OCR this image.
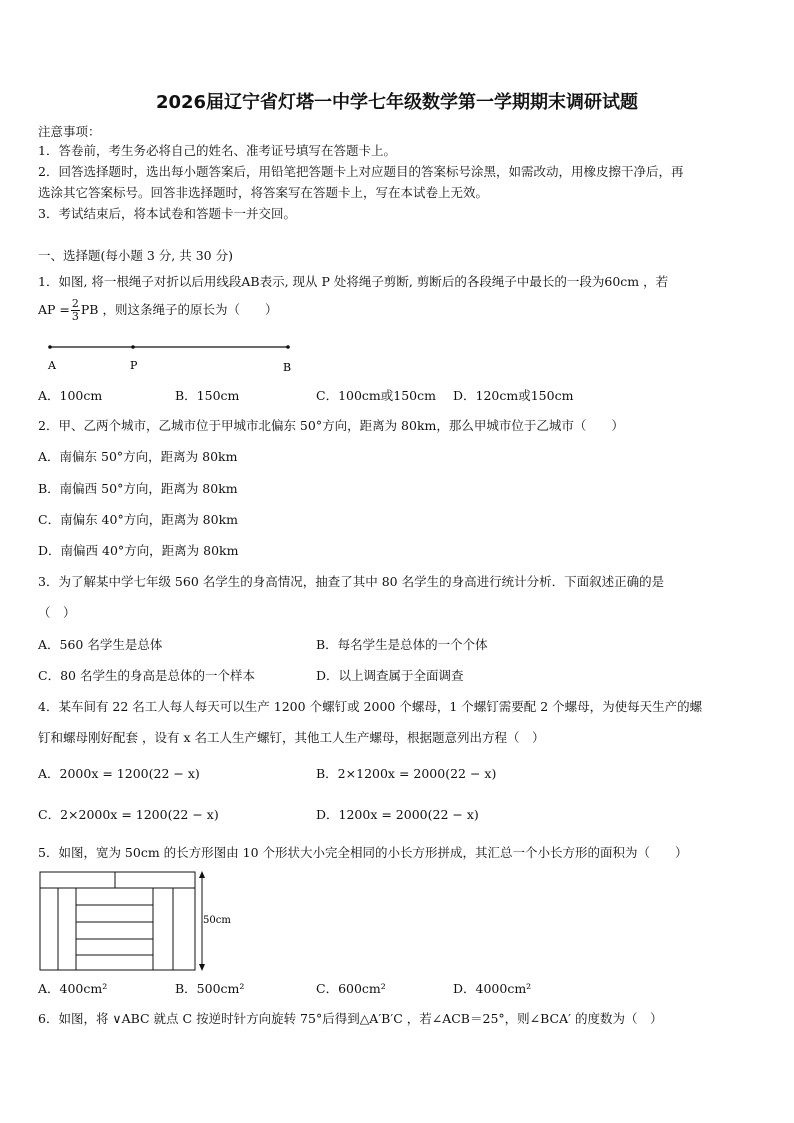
2026届辽宁省灯塔一中学七年级数学第一学期期末调研试题
注意事项：
1．答卷前，考生务必将自己的姓名、准考证号填写在答题卡上。
2．回答选择题时，选出每小题答案后，用铅笔把答题卡上对应题目的答案标号涂黑，如需改动，用橡皮擦干净后，再
选涂其它答案标号。回答非选择题时，将答案写在答题卡上，写在本试卷上无效。
3．考试结束后，将本试卷和答题卡一并交回。
一、选择题(每小题 3 分, 共 30 分)
1．如图, 将一根绳子对折以后用线段AB表示, 现从 P 处将绳子剪断, 剪断后的各段绳子中最长的一段为60cm ，若
AP = $\frac{2}{3}$ PB ，则这条绳子的原长为（　　）
A	P	B
A．100cm	B．150cm	C．100cm或150cm D．120cm或150cm
2．甲、乙两个城市，乙城市位于甲城市北偏东 50°方向，距离为 80km，那么甲城市位于乙城市（　　）
A．南偏东 50°方向，距离为 80km
B．南偏西 50°方向，距离为 80km
C．南偏东 40°方向，距离为 80km
D．南偏西 40°方向，距离为 80km
3．为了解某中学七年级 560 名学生的身高情况，抽查了其中 80 名学生的身高进行统计分析．下面叙述正确的是
（　）
A．560 名学生是总体	B．每名学生是总体的一个个体
C．80 名学生的身高是总体的一个样本	D．以上调查属于全面调查
4．某车间有 22 名工人每人每天可以生产 1200 个螺钉或 2000 个螺母，1 个螺钉需要配 2 个螺母，为使每天生产的螺
钉和螺母刚好配套 ，设有 x 名工人生产螺钉，其他工人生产螺母，根据题意列出方程（　）
A．2000x = 1200(22 − x)	B．2×1200x = 2000(22 − x)
C．2×2000x = 1200(22 − x)	D．1200x = 2000(22 − x)
5．如图，宽为 50cm 的长方形图由 10 个形状大小完全相同的小长方形拼成，其汇总一个小长方形的面积为（　　）
50cm
A．400cm²	B．500cm²	C．600cm²	D．4000cm²
6．如图，将 ∨ABC 就点 C 按逆时针方向旋转 75°后得到△A′B′C ，若∠ACB＝25°，则∠BCA′ 的度数为（　）
